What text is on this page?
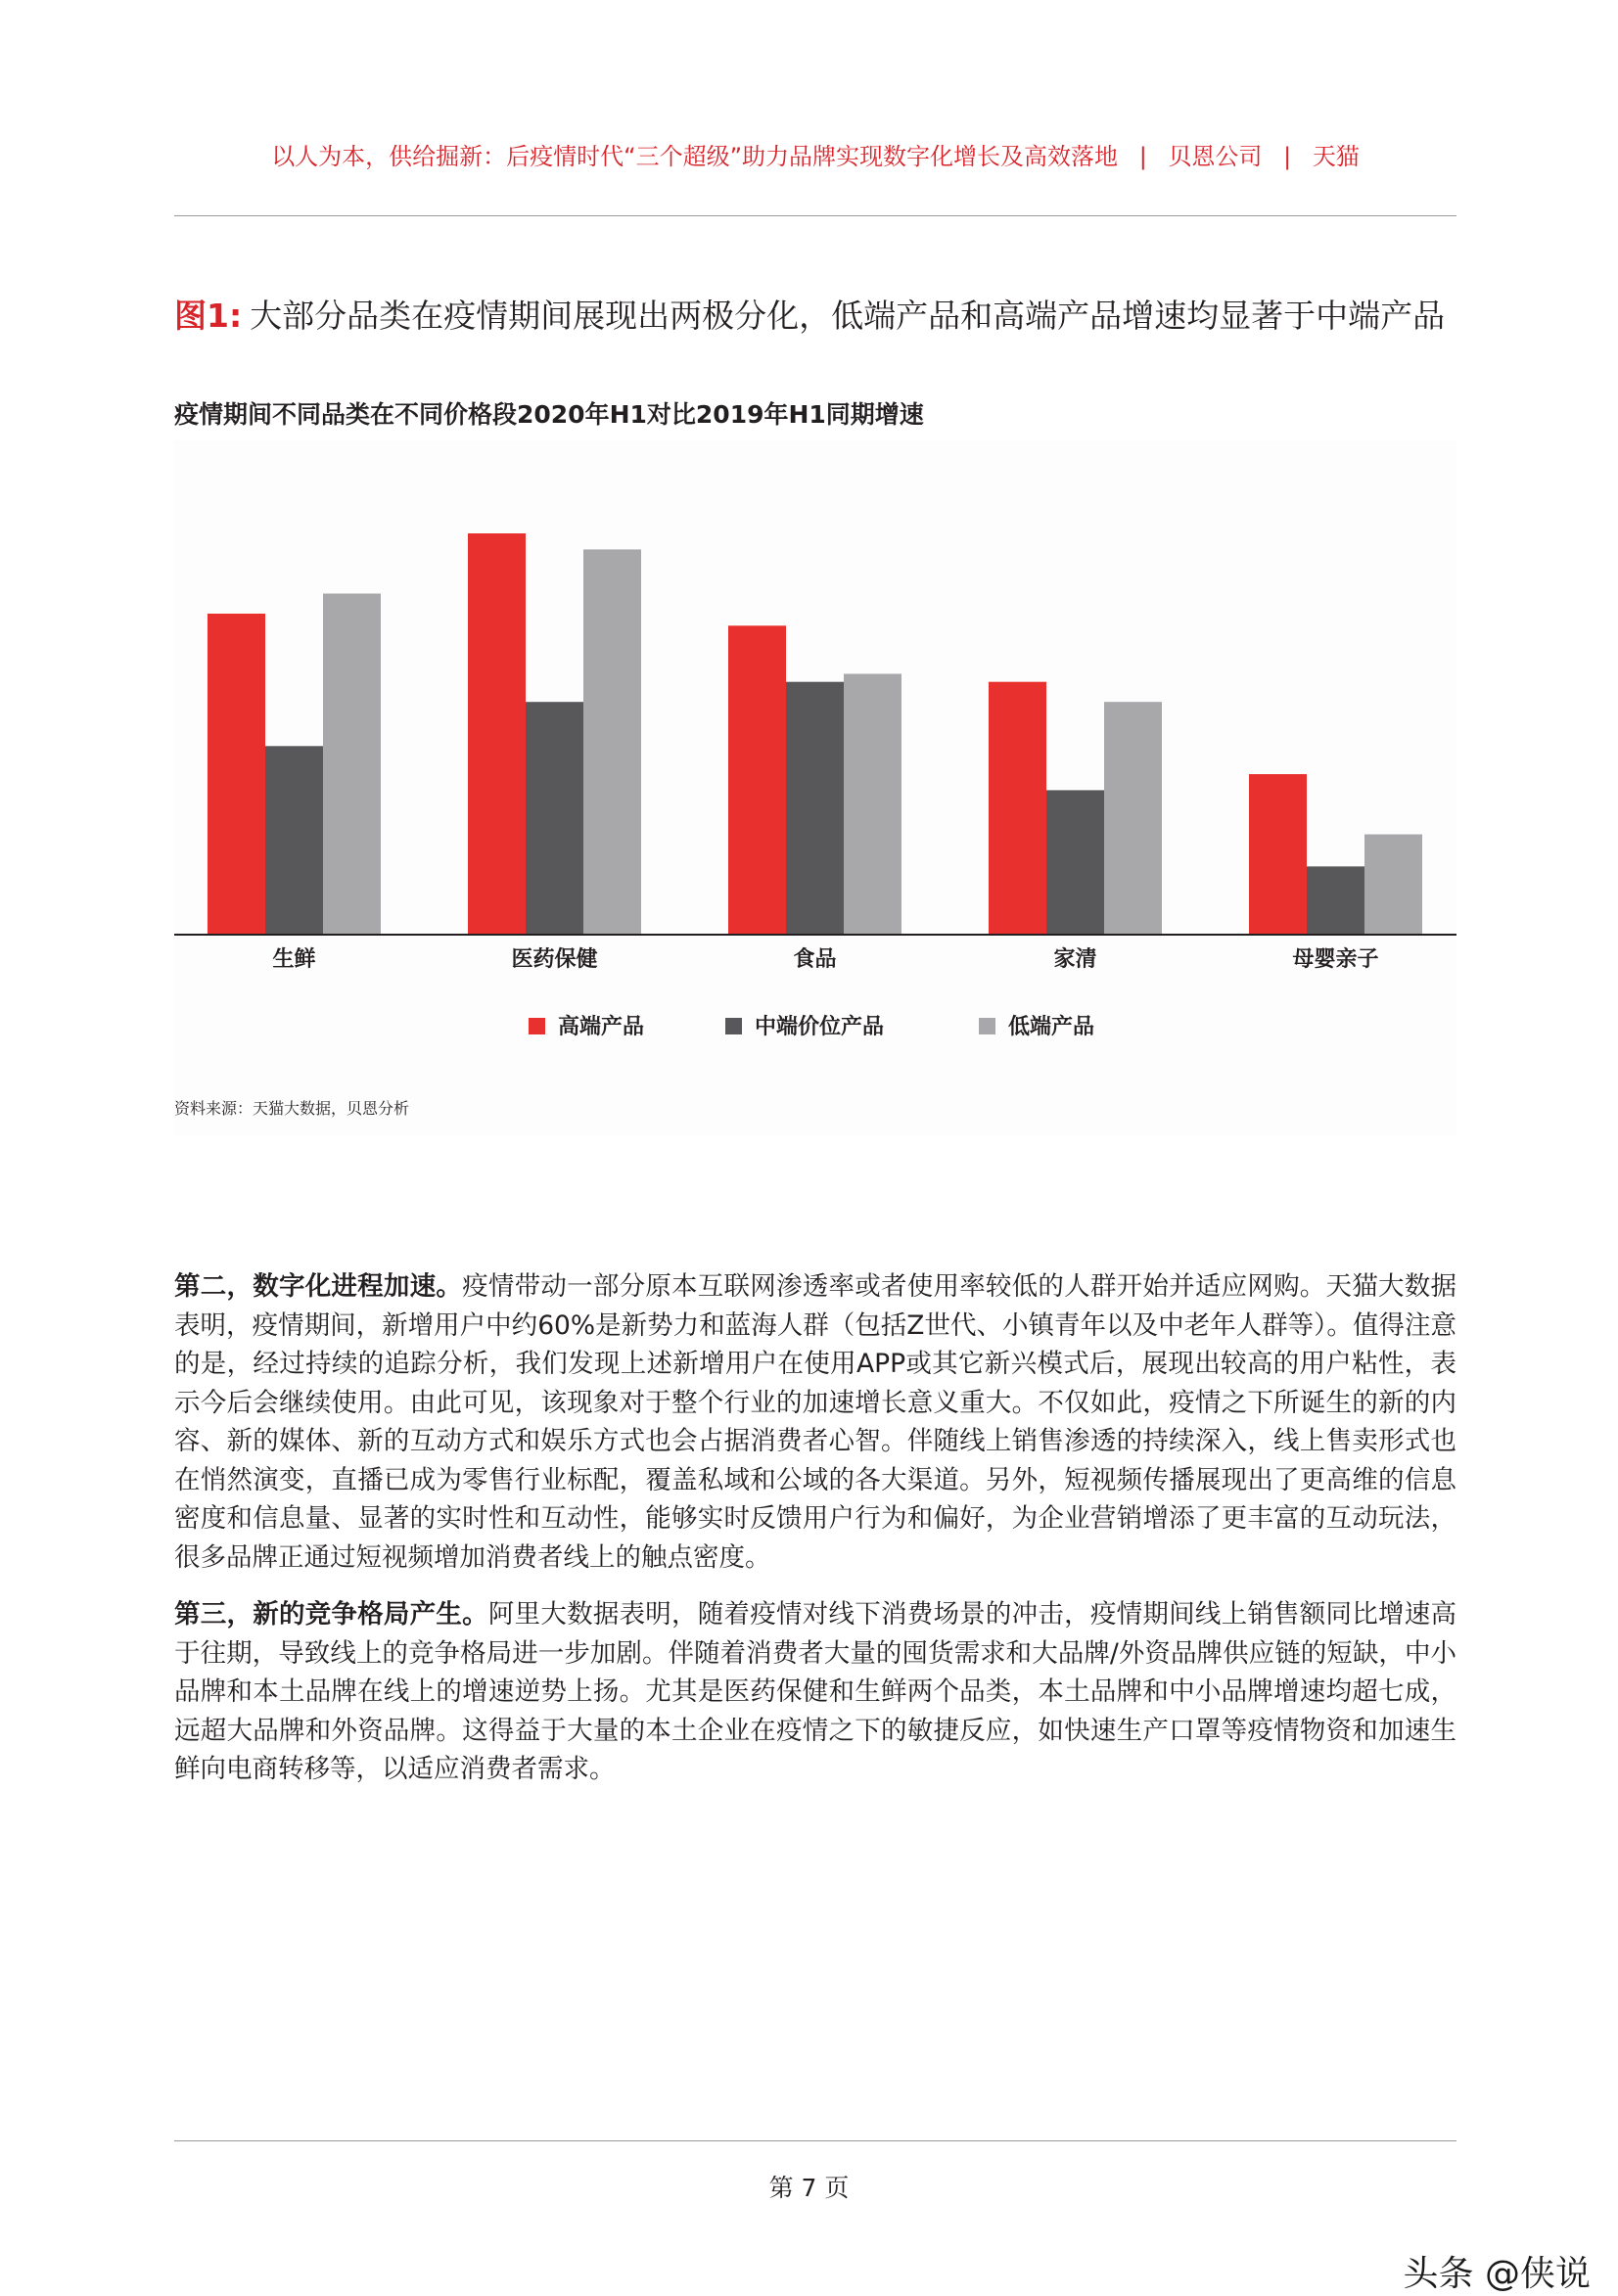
以人为本，供给掘新：后疫情时代“三个超级”助力品牌实现数字化增长及高效落地 | 贝恩公司 | 天猫
图1: 大部分品类在疫情期间展现出两极分化，低端产品和高端产品增速均显著于中端产品
疫情期间不同品类在不同价格段2020年H1对比2019年H1同期增速
生鲜	医药保健	食品	家清	母婴亲子
高端产品	中端价位产品	低端产品
资料来源：天猫大数据，贝恩分析
第二，数字化进程加速。疫情带动一部分原本互联网渗透率或者使用率较低的人群开始并适应网购。天猫大数据表明，疫情期间，新增用户中约60%是新势力和蓝海人群（包括Z世代、小镇青年以及中老年人群等）。值得注意的是，经过持续的追踪分析，我们发现上述新增用户在使用APP或其它新兴模式后，展现出较高的用户粘性，表示今后会继续使用。由此可见，该现象对于整个行业的加速增长意义重大。不仅如此，疫情之下所诞生的新的内容、新的媒体、新的互动方式和娱乐方式也会占据消费者心智。伴随线上销售渗透的持续深入，线上售卖形式也在悄然演变，直播已成为零售行业标配，覆盖私域和公域的各大渠道。另外，短视频传播展现出了更高维的信息密度和信息量、显著的实时性和互动性，能够实时反馈用户行为和偏好，为企业营销增添了更丰富的互动玩法，很多品牌正通过短视频增加消费者线上的触点密度。
第三，新的竞争格局产生。阿里大数据表明，随着疫情对线下消费场景的冲击，疫情期间线上销售额同比增速高于往期，导致线上的竞争格局进一步加剧。伴随着消费者大量的囤货需求和大品牌/外资品牌供应链的短缺，中小品牌和本土品牌在线上的增速逆势上扬。尤其是医药保健和生鲜两个品类，本土品牌和中小品牌增速均超七成，远超大品牌和外资品牌。这得益于大量的本土企业在疫情之下的敏捷反应，如快速生产口罩等疫情物资和加速生鲜向电商转移等，以适应消费者需求。
第 7 页
头条 @侠说
